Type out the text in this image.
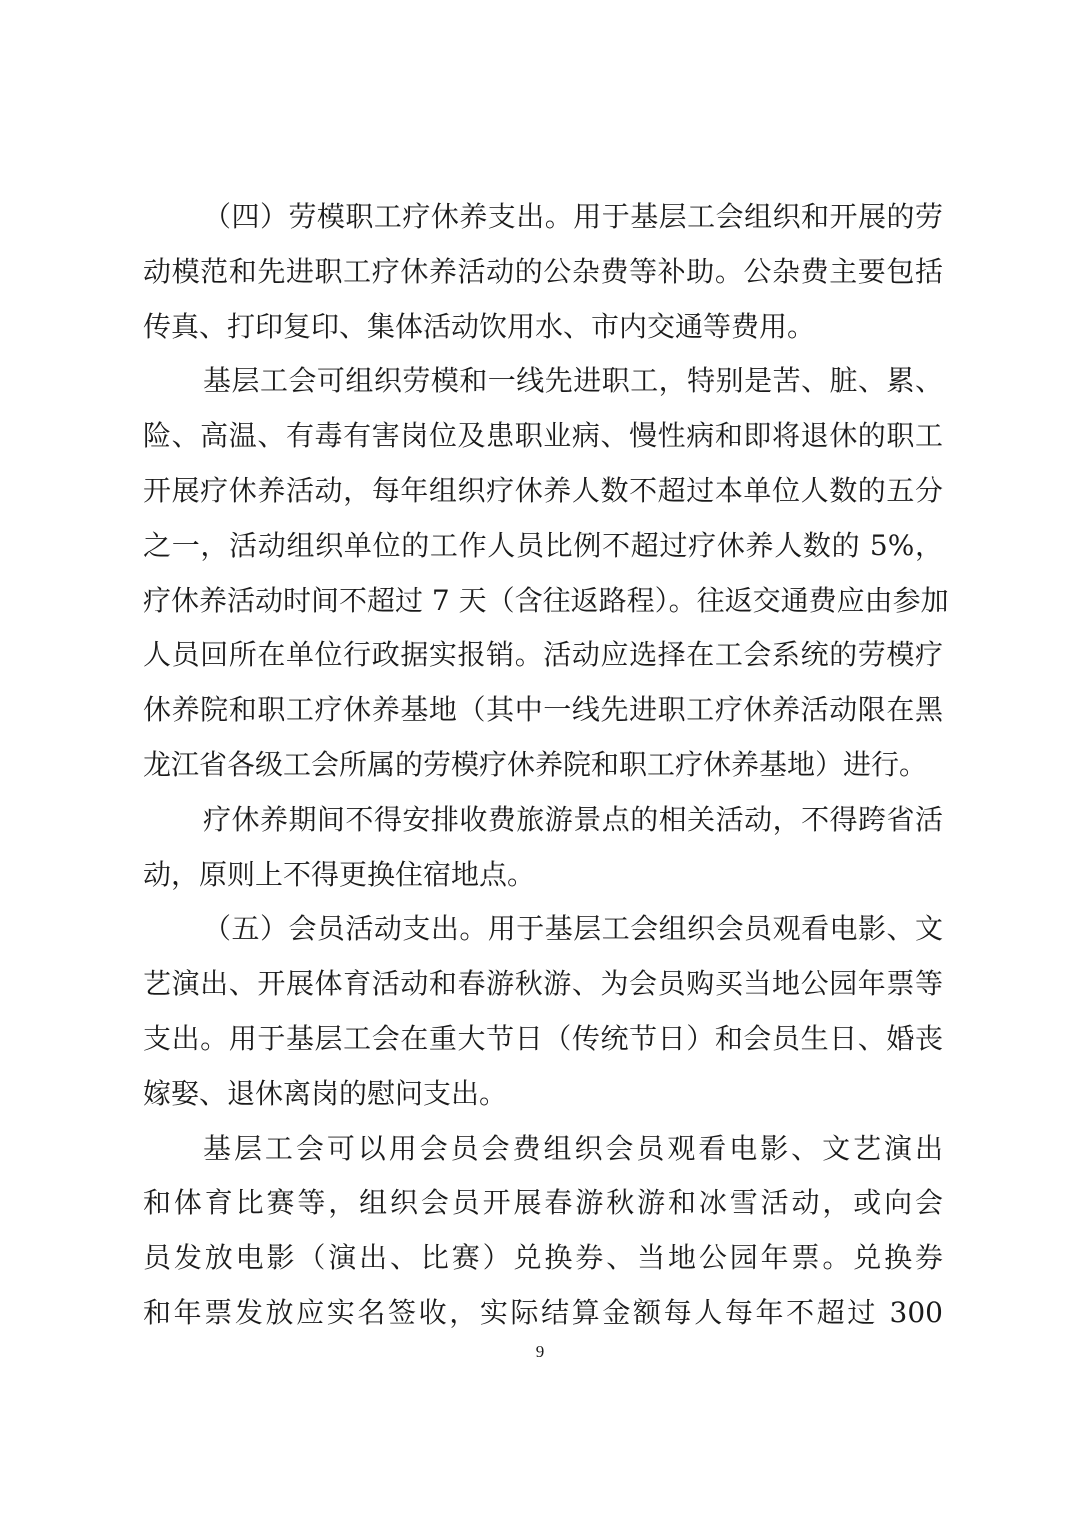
（四）劳模职工疗休养支出。用于基层工会组织和开展的劳
动模范和先进职工疗休养活动的公杂费等补助。公杂费主要包括
传真、打印复印、集体活动饮用水、市内交通等费用。
基层工会可组织劳模和一线先进职工，特别是苦、脏、累、
险、高温、有毒有害岗位及患职业病、慢性病和即将退休的职工
开展疗休养活动，每年组织疗休养人数不超过本单位人数的五分
之一，活动组织单位的工作人员比例不超过疗休养人数的 5%，
疗休养活动时间不超过 7 天（含往返路程）。往返交通费应由参加
人员回所在单位行政据实报销。活动应选择在工会系统的劳模疗
休养院和职工疗休养基地（其中一线先进职工疗休养活动限在黑
龙江省各级工会所属的劳模疗休养院和职工疗休养基地）进行。
疗休养期间不得安排收费旅游景点的相关活动，不得跨省活
动，原则上不得更换住宿地点。
（五）会员活动支出。用于基层工会组织会员观看电影、文
艺演出、开展体育活动和春游秋游、为会员购买当地公园年票等
支出。用于基层工会在重大节日（传统节日）和会员生日、婚丧
嫁娶、退休离岗的慰问支出。
基层工会可以用会员会费组织会员观看电影、文艺演出
和体育比赛等，组织会员开展春游秋游和冰雪活动，或向会
员发放电影（演出、比赛）兑换券、当地公园年票。兑换券
和年票发放应实名签收，实际结算金额每人每年不超过 300
9
